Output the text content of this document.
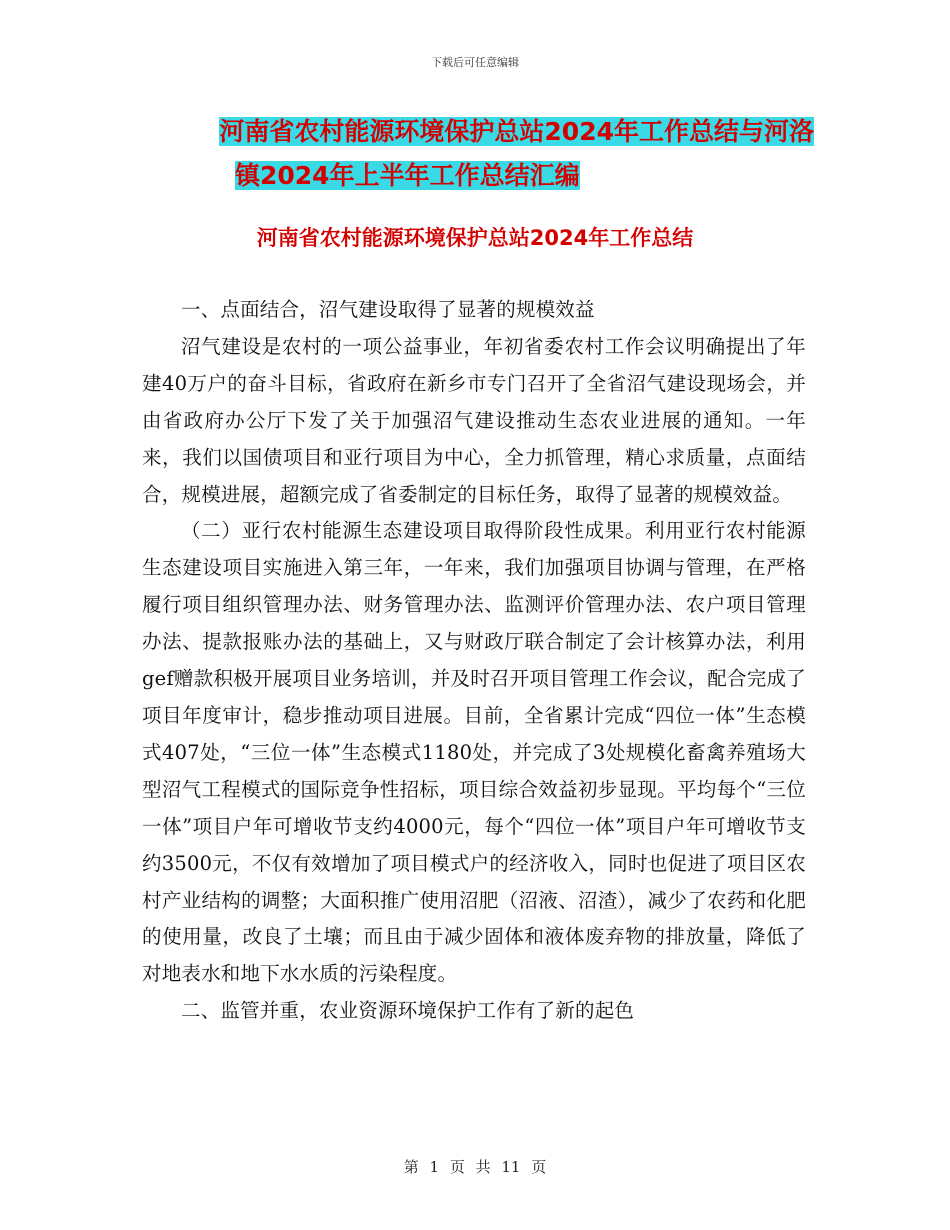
下载后可任意编辑
河南省农村能源环境保护总站2024年工作总结与河洛
镇2024年上半年工作总结汇编
河南省农村能源环境保护总站2024年工作总结

一、点面结合，沼气建设取得了显著的规模效益

沼气建设是农村的一项公益事业，年初省委农村工作会议明确提出了年建40万户的奋斗目标，省政府在新乡市专门召开了全省沼气建设现场会，并由省政府办公厅下发了关于加强沼气建设推动生态农业进展的通知。一年来，我们以国债项目和亚行项目为中心，全力抓管理，精心求质量，点面结合，规模进展，超额完成了省委制定的目标任务，取得了显著的规模效益。

（二）亚行农村能源生态建设项目取得阶段性成果。利用亚行农村能源生态建设项目实施进入第三年，一年来，我们加强项目协调与管理，在严格履行项目组织管理办法、财务管理办法、监测评价管理办法、农户项目管理办法、提款报账办法的基础上，又与财政厅联合制定了会计核算办法，利用gef赠款积极开展项目业务培训，并及时召开项目管理工作会议，配合完成了项目年度审计，稳步推动项目进展。目前，全省累计完成“四位一体”生态模式407处，“三位一体”生态模式1180处，并完成了3处规模化畜禽养殖场大型沼气工程模式的国际竞争性招标，项目综合效益初步显现。平均每个“三位一体”项目户年可增收节支约4000元，每个“四位一体”项目户年可增收节支约3500元，不仅有效增加了项目模式户的经济收入，同时也促进了项目区农村产业结构的调整；大面积推广使用沼肥（沼液、沼渣），减少了农药和化肥的使用量，改良了土壤；而且由于减少固体和液体废弃物的排放量，降低了对地表水和地下水水质的污染程度。

二、监管并重，农业资源环境保护工作有了新的起色

第 1 页 共 11 页
